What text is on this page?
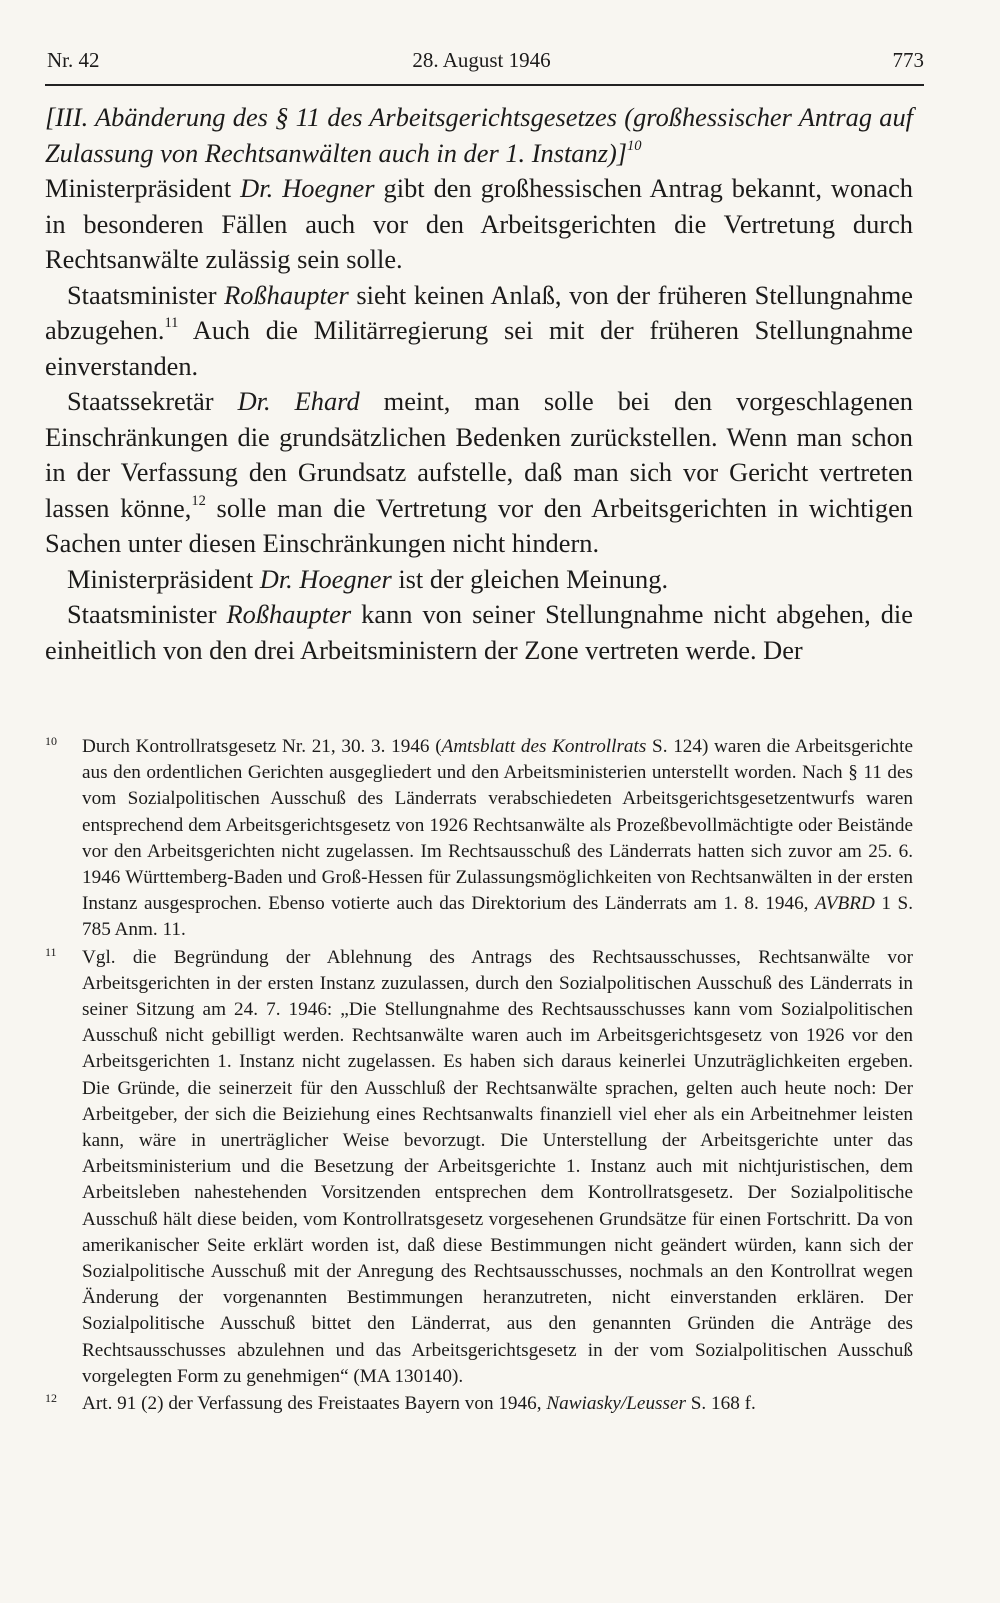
Nr. 42	28. August 1946	773

[III. Abänderung des § 11 des Arbeitsgerichtsgesetzes (großhessischer Antrag auf Zulassung von Rechtsanwälten auch in der 1. Instanz)]$^{10}$

Ministerpräsident Dr. Hoegner gibt den großhessischen Antrag bekannt, wonach in besonderen Fällen auch vor den Arbeitsgerichten die Vertretung durch Rechtsanwälte zulässig sein solle.

Staatsminister Roßhaupter sieht keinen Anlaß, von der früheren Stellungnahme abzugehen.$^{11}$ Auch die Militärregierung sei mit der früheren Stellungnahme einverstanden.

Staatssekretär Dr. Ehard meint, man solle bei den vorgeschlagenen Einschränkungen die grundsätzlichen Bedenken zurückstellen. Wenn man schon in der Verfassung den Grundsatz aufstelle, daß man sich vor Gericht vertreten lassen könne,$^{12}$ solle man die Vertretung vor den Arbeitsgerichten in wichtigen Sachen unter diesen Einschränkungen nicht hindern.

Ministerpräsident Dr. Hoegner ist der gleichen Meinung.

Staatsminister Roßhaupter kann von seiner Stellungnahme nicht abgehen, die einheitlich von den drei Arbeitsministern der Zone vertreten werde. Der

10 Durch Kontrollratsgesetz Nr. 21, 30. 3. 1946 (Amtsblatt des Kontrollrats S. 124) waren die Arbeitsgerichte aus den ordentlichen Gerichten ausgegliedert und den Arbeitsministerien unterstellt worden. Nach § 11 des vom Sozialpolitischen Ausschuß des Länderrats verabschiedeten Arbeitsgerichtsgesetzentwurfs waren entsprechend dem Arbeitsgerichtsgesetz von 1926 Rechtsanwälte als Prozeßbevollmächtigte oder Beistände vor den Arbeitsgerichten nicht zugelassen. Im Rechtsausschuß des Länderrats hatten sich zuvor am 25. 6. 1946 Württemberg-Baden und Groß-Hessen für Zulassungsmöglichkeiten von Rechtsanwälten in der ersten Instanz ausgesprochen. Ebenso votierte auch das Direktorium des Länderrats am 1. 8. 1946, AVBRD 1 S. 785 Anm. 11.

11 Vgl. die Begründung der Ablehnung des Antrags des Rechtsausschusses, Rechtsanwälte vor Arbeitsgerichten in der ersten Instanz zuzulassen, durch den Sozialpolitischen Ausschuß des Länderrats in seiner Sitzung am 24. 7. 1946: „Die Stellungnahme des Rechtsausschusses kann vom Sozialpolitischen Ausschuß nicht gebilligt werden. Rechtsanwälte waren auch im Arbeitsgerichtsgesetz von 1926 vor den Arbeitsgerichten 1. Instanz nicht zugelassen. Es haben sich daraus keinerlei Unzuträglichkeiten ergeben. Die Gründe, die seinerzeit für den Ausschluß der Rechtsanwälte sprachen, gelten auch heute noch: Der Arbeitgeber, der sich die Beiziehung eines Rechtsanwalts finanziell viel eher als ein Arbeitnehmer leisten kann, wäre in unerträglicher Weise bevorzugt. Die Unterstellung der Arbeitsgerichte unter das Arbeitsministerium und die Besetzung der Arbeitsgerichte 1. Instanz auch mit nichtjuristischen, dem Arbeitsleben nahestehenden Vorsitzenden entsprechen dem Kontrollratsgesetz. Der Sozialpolitische Ausschuß hält diese beiden, vom Kontrollratsgesetz vorgesehenen Grundsätze für einen Fortschritt. Da von amerikanischer Seite erklärt worden ist, daß diese Bestimmungen nicht geändert würden, kann sich der Sozialpolitische Ausschuß mit der Anregung des Rechtsausschusses, nochmals an den Kontrollrat wegen Änderung der vorgenannten Bestimmungen heranzutreten, nicht einverstanden erklären. Der Sozialpolitische Ausschuß bittet den Länderrat, aus den genannten Gründen die Anträge des Rechtsausschusses abzulehnen und das Arbeitsgerichtsgesetz in der vom Sozialpolitischen Ausschuß vorgelegten Form zu genehmigen“ (MA 130140).

12 Art. 91 (2) der Verfassung des Freistaates Bayern von 1946, Nawiasky/Leusser S. 168 f.
